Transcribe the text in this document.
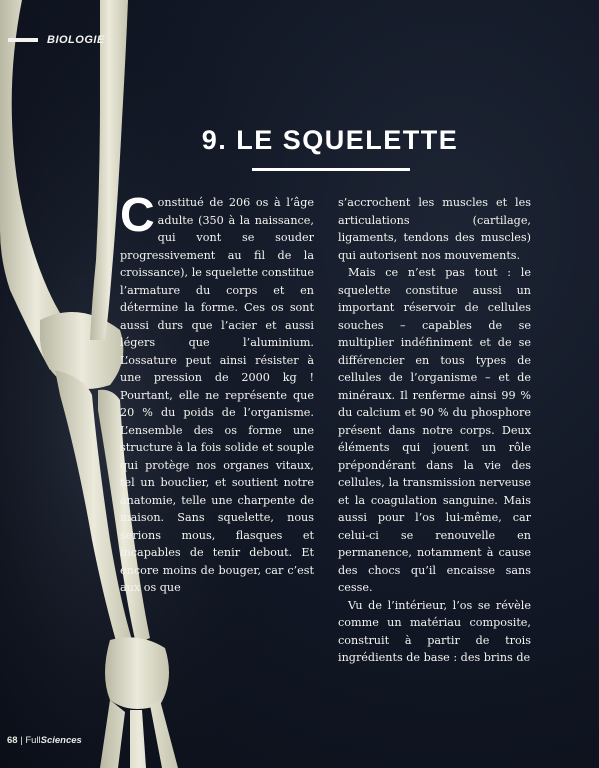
BIOLOGIE
9. LE SQUELETTE

Constitué de 206 os à l’âge adulte (350 à la naissance, qui vont se souder progressivement au fil de la croissance), le squelette constitue l’armature du corps et en détermine la forme. Ces os sont aussi durs que l’acier et aussi légers que l’aluminium. L’ossature peut ainsi résister à une pression de 2000 kg ! Pourtant, elle ne représente que 20 % du poids de l’organisme. L’ensemble des os forme une structure à la fois solide et souple qui protège nos organes vitaux, tel un bouclier, et soutient notre anatomie, telle une charpente de maison. Sans squelette, nous serions mous, flasques et incapables de tenir debout. Et encore moins de bouger, car c’est aux os que

s’accrochent les muscles et les articulations (cartilage, ligaments, tendons des muscles) qui autorisent nos mouvements.

Mais ce n’est pas tout : le squelette constitue aussi un important réservoir de cellules souches – capables de se multiplier indéfiniment et de se différencier en tous types de cellules de l’organisme – et de minéraux. Il renferme ainsi 99 % du calcium et 90 % du phosphore présent dans notre corps. Deux éléments qui jouent un rôle prépondérant dans la vie des cellules, la transmission nerveuse et la coagulation sanguine. Mais aussi pour l’os lui-même, car celui-ci se renouvelle en permanence, notamment à cause des chocs qu’il encaisse sans cesse.

Vu de l’intérieur, l’os se révèle comme un matériau composite, construit à partir de trois ingrédients de base : des brins de

68 | FullSciences
